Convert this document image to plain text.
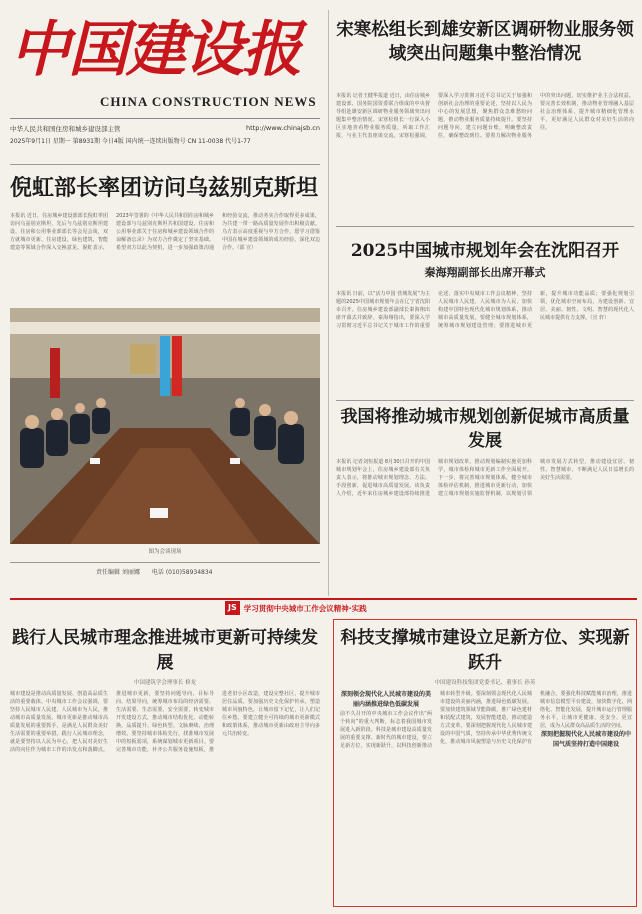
中国建设报
CHINA CONSTRUCTION NEWS
中华人民共和国住房和城乡建设部主管	http://www.chinajsb.cn
2025年9月1日 星期一 第8931期 今日4版 国内统一连续出版物号 CN 11-0038 代号1-77
宋寒松组长到雄安新区调研物业服务领域突出问题集中整治情况
本报讯 记者王健华报道 近日，由住房城乡建设部、国务院国资委联合组成的中央督导组赴雄安新区调研物业服务领域突出问题集中整治情况。宋寒松组长一行深入小区实地查看物业服务质量，听取工作汇报，与业主代表座谈交流。宋寒松强调，要深入学习贯彻习近平总书记关于加强和创新社会治理的重要论述，坚持以人民为中心的发展思想，聚焦群众急难愁盼问题，推动物业服务质量持续提升。要坚持问题导向，建立问题台账，明确整改责任，确保整改到位。要着力解决物业服务中的突出问题，切实维护业主合法权益。要完善长效机制，推动物业管理融入基层社会治理体系，提升城市精细化管理水平，更好满足人民群众对美好生活的向往。
倪虹部长率团访问乌兹别克斯坦
本报讯 近日，住房城乡建设部部长倪虹率团访问乌兹别克斯坦，先后与乌兹别克斯坦建设、住房和公用事业部部长等会见会谈，双方就城市更新、住房建设、绿色建筑、智能建造等领域合作深入交换意见。倪虹表示，2023年签署的《中华人民共和国住房和城乡建设部与乌兹别克斯坦共和国建设、住房和公用事业部关于住房和城乡建设领域合作的谅解备忘录》为双方合作奠定了坚实基础。希望双方以此为契机，进一步加强政策沟通和经验交流，推动务实合作取得更多成果，为共建一带一路高质量发展作出积极贡献。乌方表示高度重视与中方合作，愿学习借鉴中国在城乡建设领域的成功经验，深化双边合作。（邵 宣）
图为会谈现场
责任编辑 刘丽娜 电话 (010)58934834
2025中国城市规划年会在沈阳召开
秦海翔副部长出席开幕式
本报讯 日前，以“活力中国 营城发展”为主题的2025中国城市规划年会在辽宁省沈阳市召开。住房城乡建设部副部长秦海翔出席开幕式并致辞。秦海翔指出，要深入学习贯彻习近平总书记关于城市工作的重要论述，落实中央城市工作会议精神，坚持人民城市人民建、人民城市为人民，加快构建中国特色现代化城市规划体系，推动城市高质量发展。要健全城市规划体系，统筹城市规划建设管理；要推进城市更新，提升城市功能品质；要强化规划引领，优化城市空间布局，为建设创新、宜居、美丽、韧性、文明、智慧的现代化人民城市提供有力支撑。（宣 轩）
我国将推动城市规划创新促城市高质量发展
本报讯 记者刘恒报道 8月30日召开的中国城市规划年会上，住房城乡建设部有关负责人表示，将推动城市规划理念、方法、手段创新，促进城市高质量发展。该负责人介绍，近年来住房城乡建设部持续推进城市规划改革，推动规划编制实施更加科学，城市体检和城市更新工作全面展开。下一步，将完善城市规划体系，健全城市体检评估机制，推进城市更新行动，加快建立城市规划实施监督机制，以规划引领城市发展方式转型，推动建设宜居、韧性、智慧城市，不断满足人民日益增长的美好生活需要。
JS 学习贯彻中央城市工作会议精神·实践
践行人民城市理念推进城市更新可持续发展
中国建筑学会理事长 修龙
城市建设是推动高质量发展、创造高品质生活的重要载体。中央城市工作会议强调，要坚持人民城市人民建、人民城市为人民，推动城市高质量发展。城市更新是推动城市高质量发展的重要抓手，是满足人民群众美好生活需要的重要举措。践行人民城市理念，就是要坚持以人民为中心，把人民对美好生活的向往作为城市工作的出发点和落脚点。推进城市更新，要坚持问题导向、目标导向、结果导向，统筹城市布局的经济需要、生活需要、生态需要、安全需要，转变城市开发建设方式，推动城市结构优化、动能转换、品质提升、绿色转型、文脉赓续、治理增效。要坚持城市体检先行，找准城市发展中的短板弱项，系统谋划城市更新项目。要完善城市功能，补齐公共服务设施短板，推进老旧小区改造，建设完整社区，提升城市居住品质。要加强历史文化保护传承，塑造城市风貌特色，让城市留下记忆，让人们记住乡愁。要建立健全可持续的城市更新模式和政策体系，推动城市更新由政府主导向多元共治转变。
科技支撑城市建设立足新方位、实现新跃升
中国建设科技集团党委书记、董事长 孙英
深刻领会现代化人民城市建设的美丽内涵推进绿色低碳发展
前不久召开的中央城市工作会议作出“两个转向”的重大判断，标志着我国城市发展进入新阶段。科技是城市建设高质量发展的重要支撑。新时代的城市建设，要立足新方位，实现新跃升，以科技创新推动城市转型升级。要深刻领会现代化人民城市建设的美丽内涵，推进绿色低碳发展。要加快建筑领域节能降碳，推广绿色建材和装配式建筑，发展智能建造，推动建造方式变革。要深刻把握现代化人民城市建设的中国气质，坚持传承中华优秀传统文化，推动城市风貌塑造与历史文化保护有机融合。要强化科技赋能城市治理，推进城市信息模型平台建设，加快数字化、网络化、智能化发展，提升城市运行管理服务水平，让城市更健康、更安全、更宜居，成为人民群众高品质生活的空间。
深刻把握现代化人民城市建设的中国气质坚持打造中国建设
